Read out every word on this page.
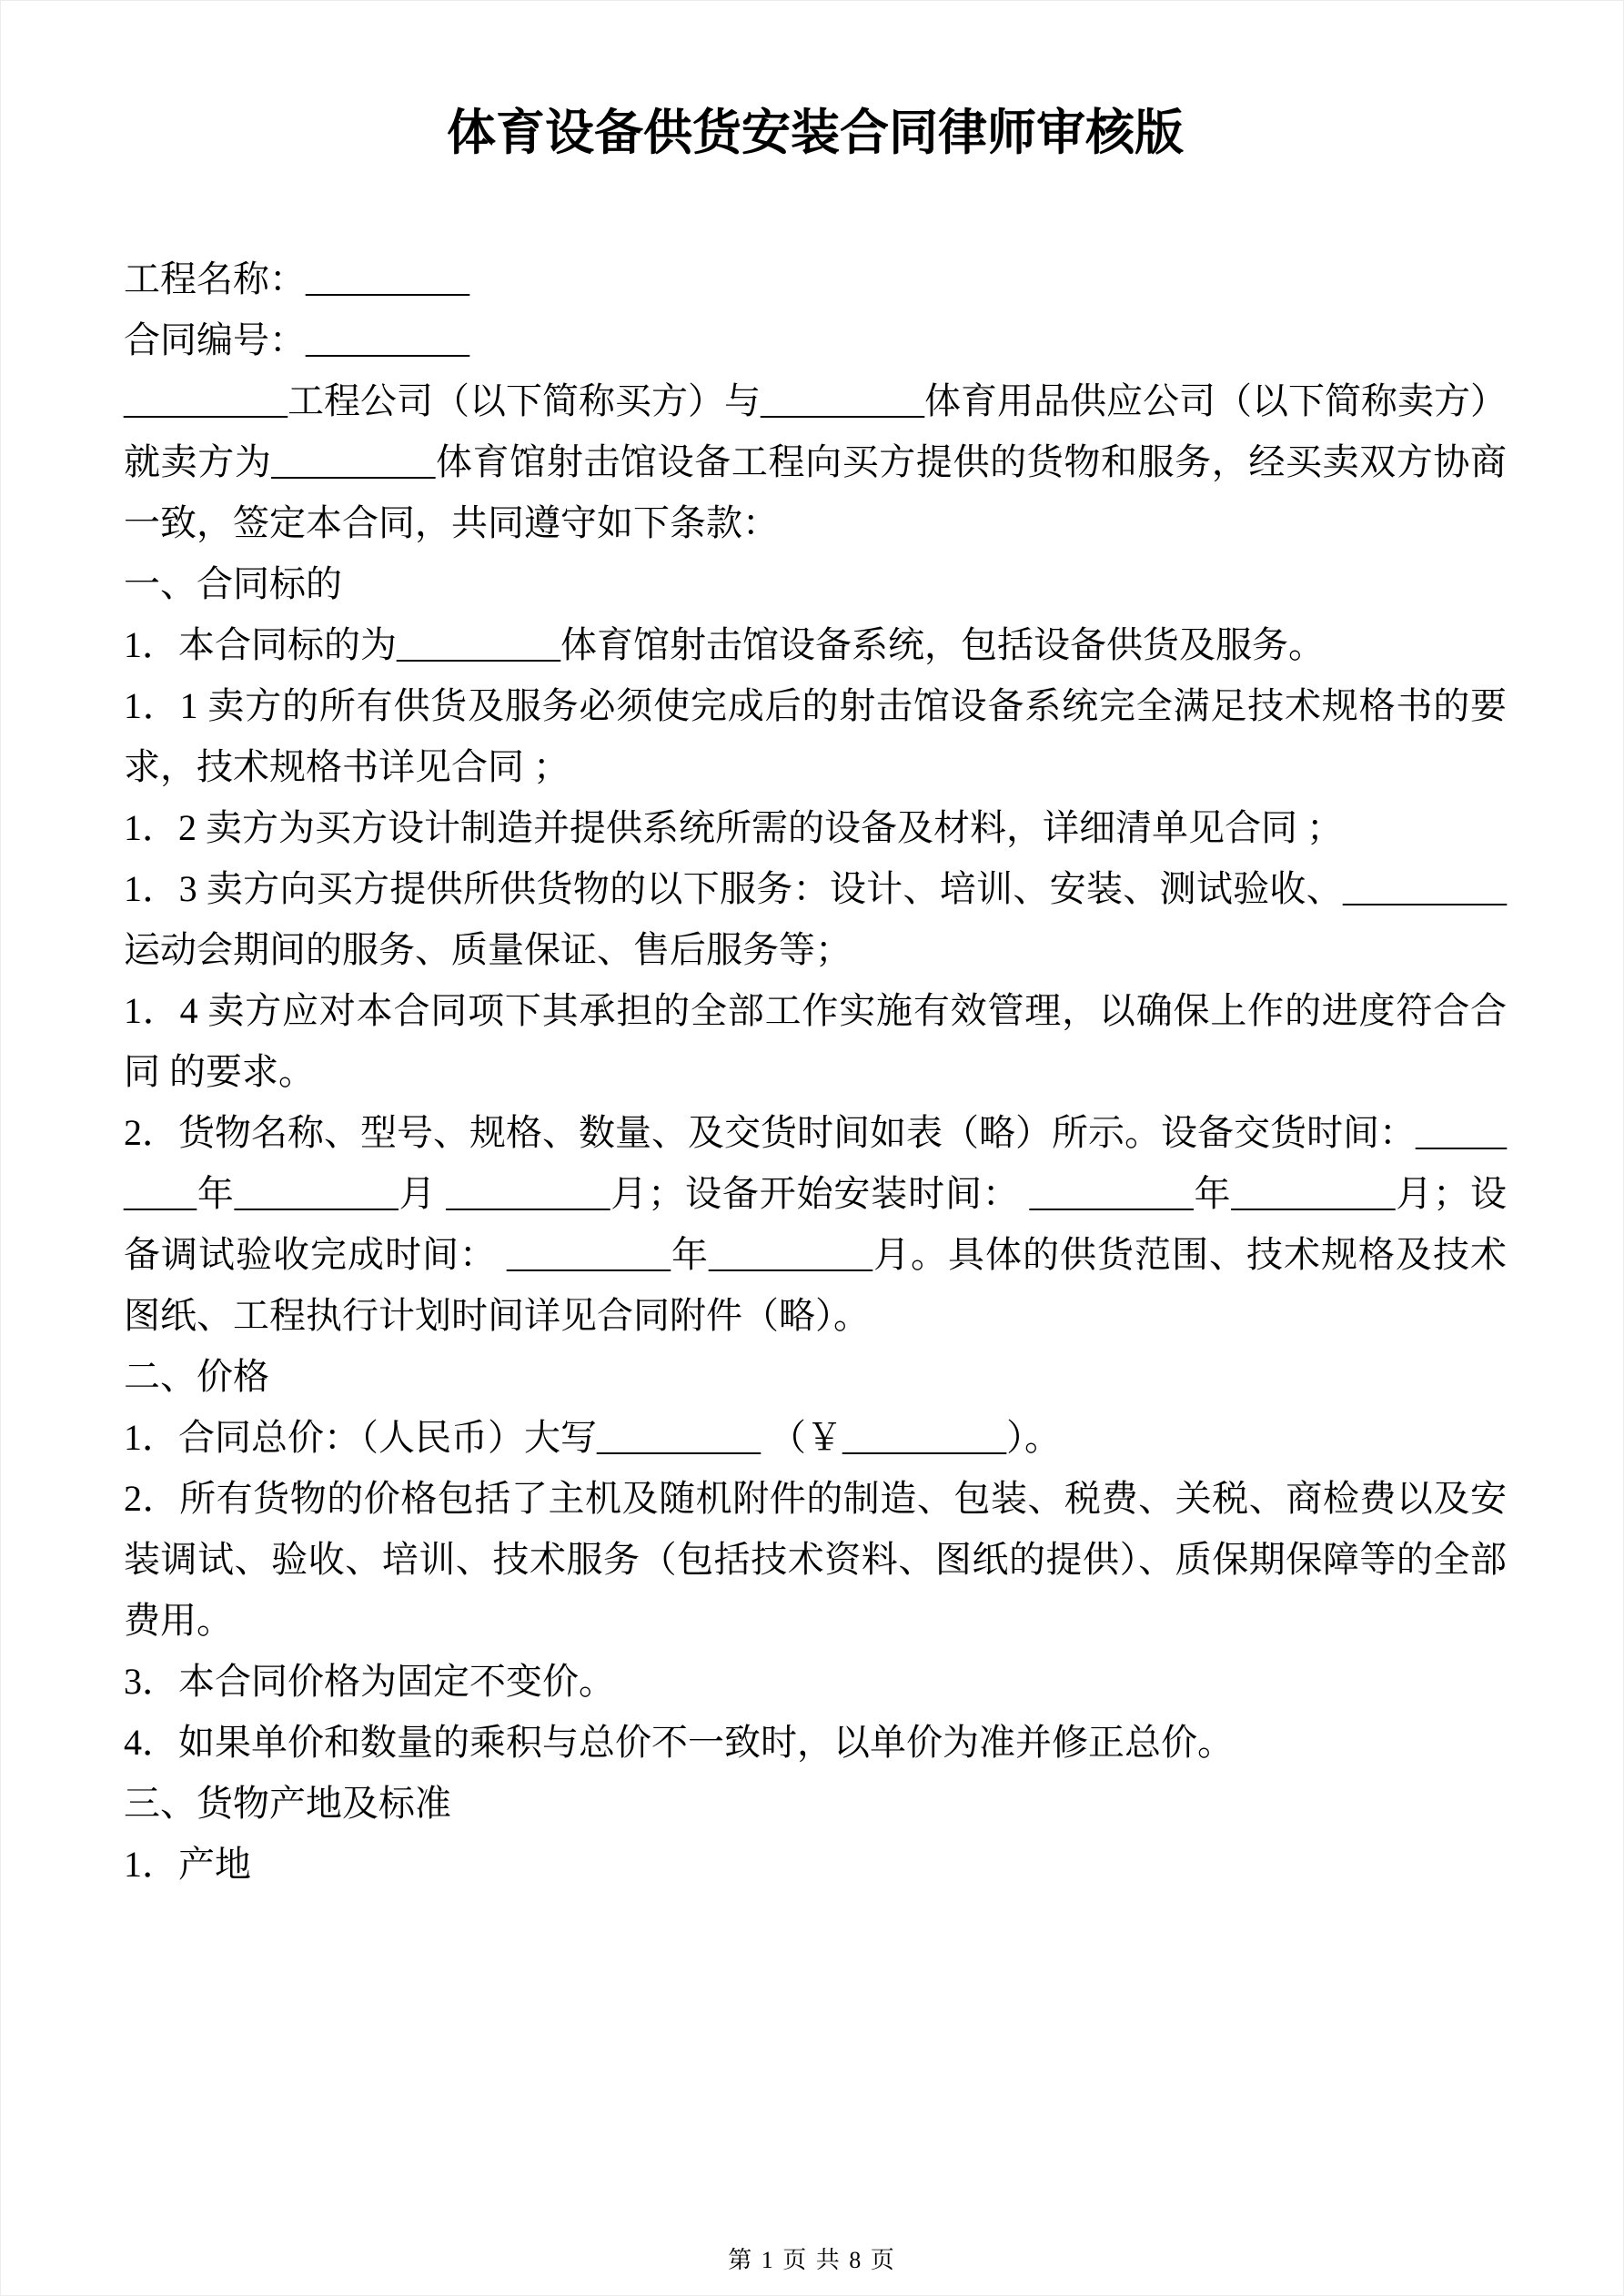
体育设备供货安装合同律师审核版

工程名称：_________

合同编号：_________

_________工程公司（以下简称买方）与_________体育用品供应公司（以下简称卖方）就卖方为_________体育馆射击馆设备工程向买方提供的货物和服务，经买卖双方协商一致，签定本合同，共同遵守如下条款：

一、合同标的

1．本合同标的为_________体育馆射击馆设备系统，包括设备供货及服务。

1．1 卖方的所有供货及服务必须使完成后的射击馆设备系统完全满足技术规格书的要求，技术规格书详见合同 ；

1．2 卖方为买方设计制造并提供系统所需的设备及材料，详细清单见合同 ；

1．3 卖方向买方提供所供货物的以下服务：设计、培训、安装、测试验收、_________运动会期间的服务、质量保证、售后服务等；

1．4 卖方应对本合同项下其承担的全部工作实施有效管理，以确保上作的进度符合合同 的要求。

2．货物名称、型号、规格、数量、及交货时间如表（略）所示。设备交货时间：_________年_________月 _________月；设备开始安装时间： _________年_________月；设备调试验收完成时间： _________年_________月。具体的供货范围、技术规格及技术图纸、工程执行计划时间详见合同附件（略）。

二、价格

1．合同总价：（人民币）大写_________ （￥_________）。

2．所有货物的价格包括了主机及随机附件的制造、包装、税费、关税、商检费以及安装调试、验收、培训、技术服务（包括技术资料、图纸的提供）、质保期保障等的全部费用。

3．本合同价格为固定不变价。

4．如果单价和数量的乘积与总价不一致时，以单价为准并修正总价。

三、货物产地及标准

1．产地

第 1 页 共 8 页
